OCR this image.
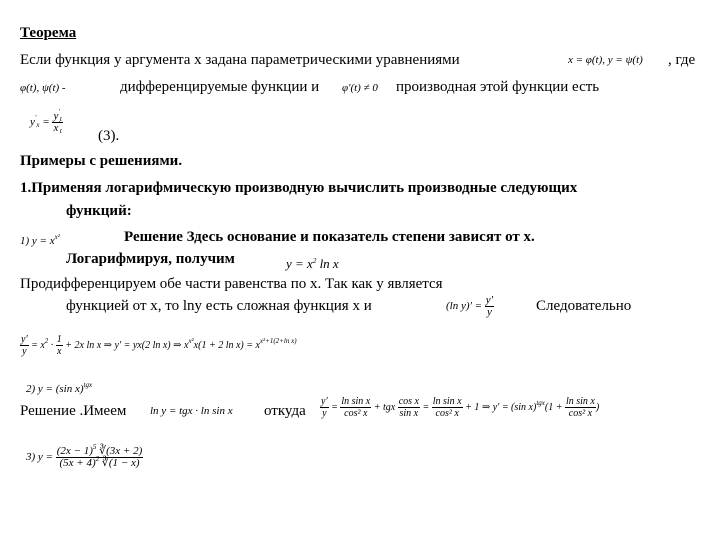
Теорема
Если функция y аргумента x задана параметрическими уравнениями	x = φ(t), y = ψ(t) , где
φ(t), ψ(t) -	дифференцируемые функции и φ'(t) ≠ 0 производная этой функции есть
$y'_x = \frac{y'_t}{x'_t}$
(3).
Примеры с решениями.
1.Применяя логарифмическую производную вычислить производные следующих
функций:
1) $y = x^{x^2}$	Решение Здесь основание и показатель степени зависят от х.
Логарифмируя, получим	$y = x^2$ ln x
Продифференцируем обе части равенства по х. Так как у является
функцией от х, то lny есть сложная функция х и	(ln $y)' = \frac{y'}{y}$	Следовательно
$\frac{y'}{y} = x^2 \cdot \frac{1}{x} + 2x$ ln x ⇒ y' = yx(2 ln x) ⇒ $x^{x^2}x(1 + 2$ $\ln x) = x^{x^2+1(2+ln x)}$
2) y = (sin x)$^{tgx}$
Решение .Имеем ln y = tgx · ln sin x откуда $\frac{y'}{y} = \frac{\text{ln sin x}}{\text{cos² x}}$ + tgx $\frac{\text{cos x}}{\text{sin x}} = \frac{\text{ln sin x}}{\text{cos² x}} + 1$ ⇒ y' = (sin $x)^{tgx}(1 + \frac{\text{ln sin x}}{\text{cos² x}}$ )
3) $y = \frac{(2x - 1)^5 ∛(3x + 2)}{(5x + 4)^2 ∛(1 - x)}$
